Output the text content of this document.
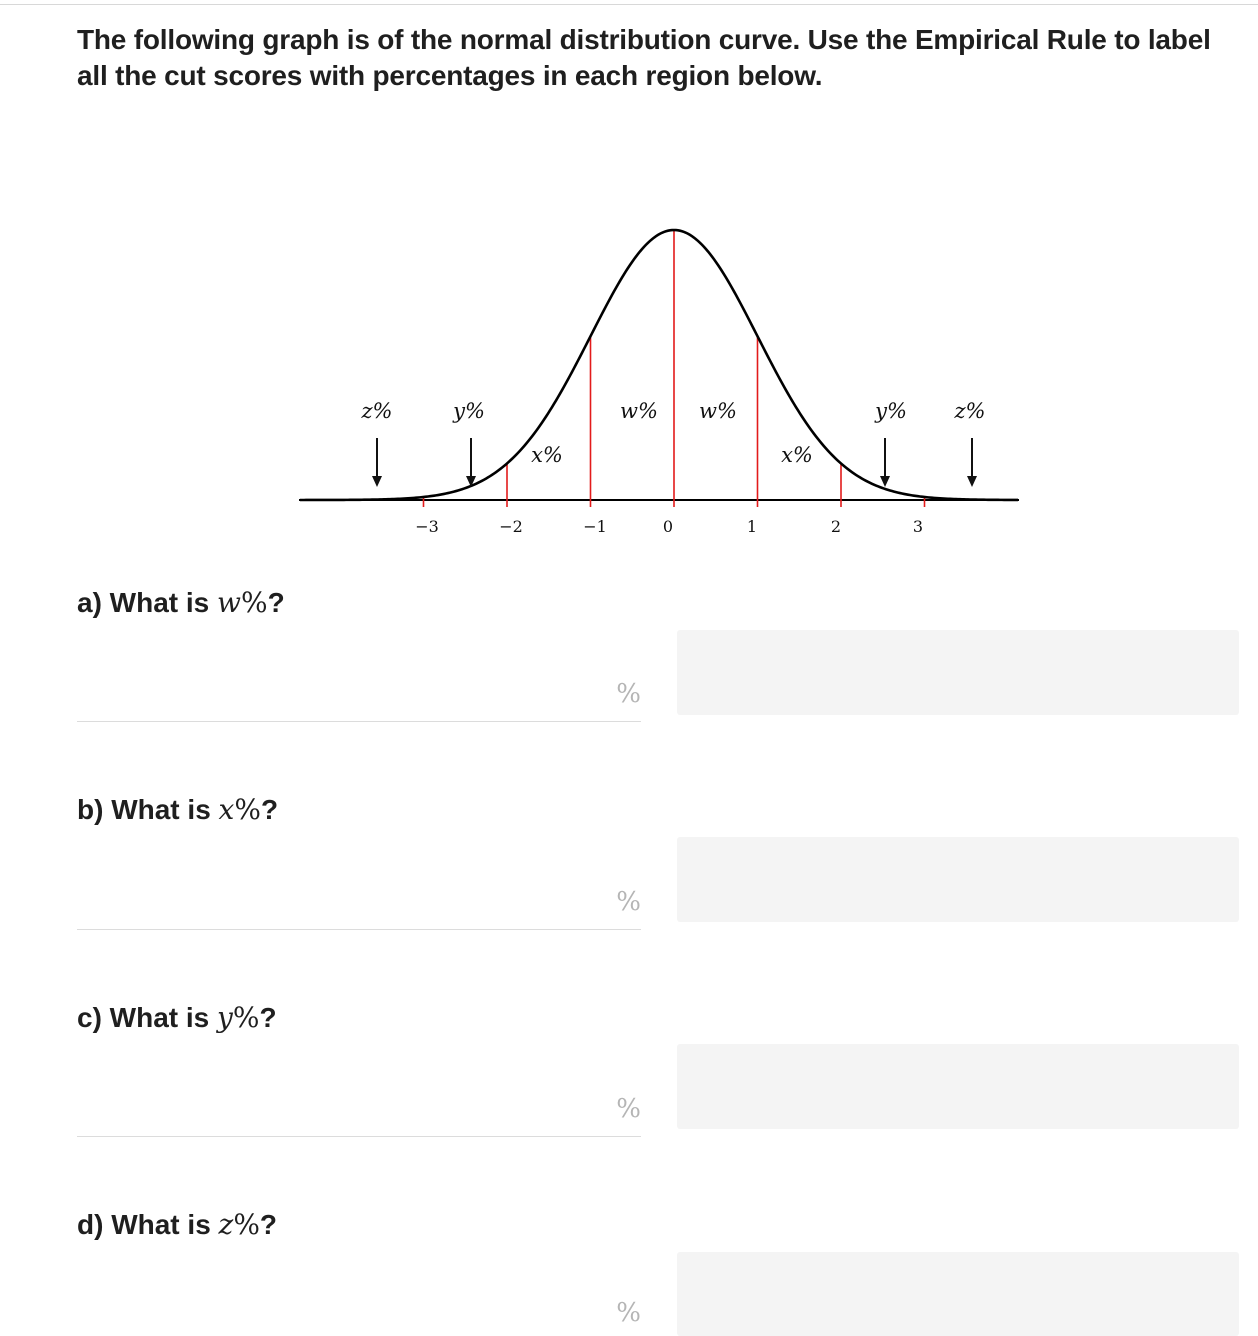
The following graph is of the normal distribution curve. Use the Empirical Rule to label all the cut scores with percentages in each region below.
z%	y%
x%
w% w%
x%
y% z%
−3	−2	−1	0	1	2	3
a) What is w%?
%
b) What is x%?
%
c) What is y%?
%
d) What is z%?
%
